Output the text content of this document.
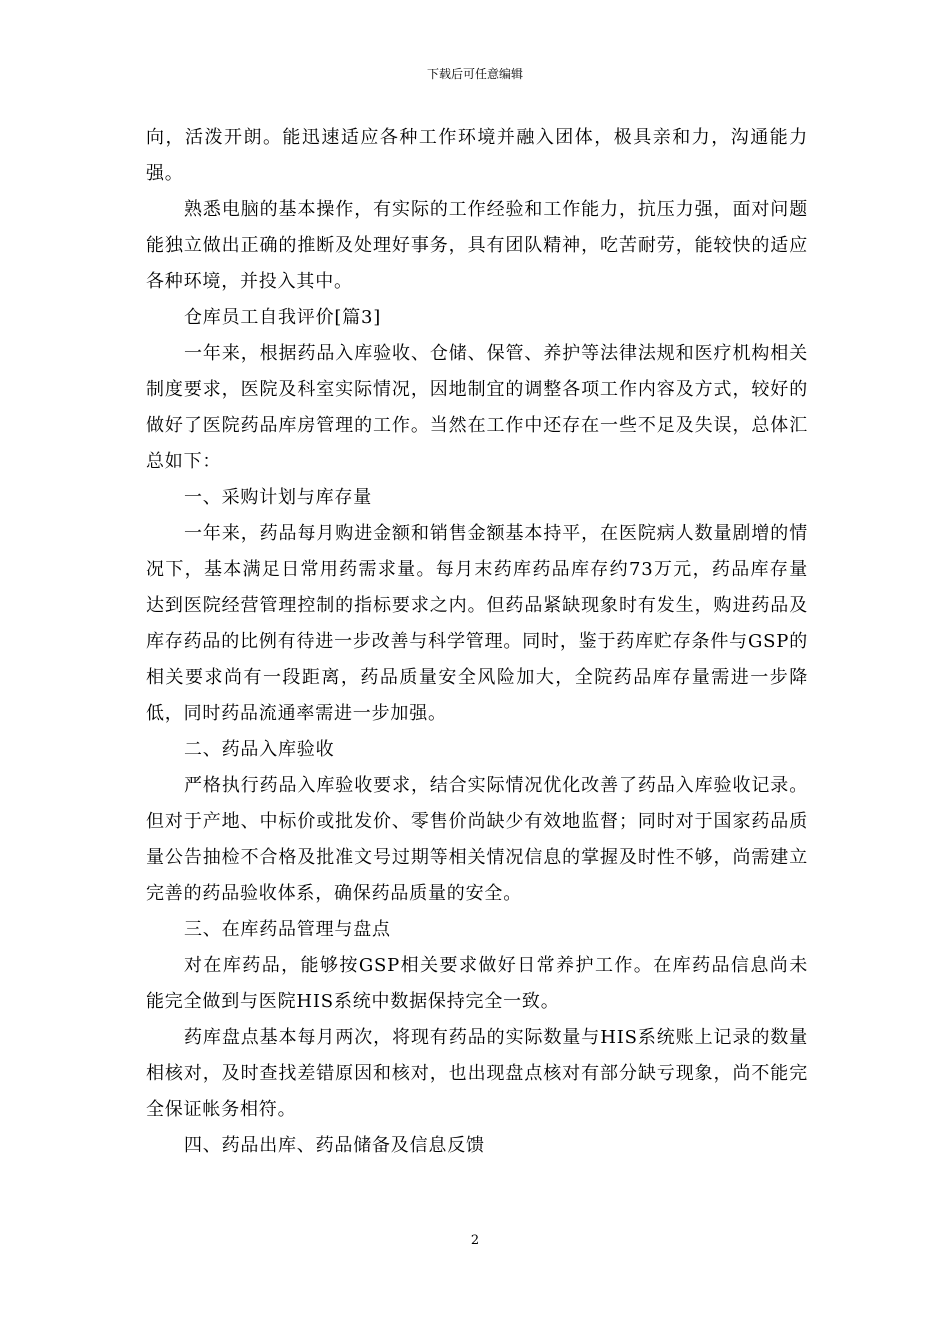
下载后可任意编辑

向，活泼开朗。能迅速适应各种工作环境并融入团体，极具亲和力，沟通能力强。

熟悉电脑的基本操作，有实际的工作经验和工作能力，抗压力强，面对问题能独立做出正确的推断及处理好事务，具有团队精神，吃苦耐劳，能较快的适应各种环境，并投入其中。

仓库员工自我评价[篇3]

一年来，根据药品入库验收、仓储、保管、养护等法律法规和医疗机构相关制度要求，医院及科室实际情况，因地制宜的调整各项工作内容及方式，较好的做好了医院药品库房管理的工作。当然在工作中还存在一些不足及失误，总体汇总如下：

一、采购计划与库存量

一年来，药品每月购进金额和销售金额基本持平，在医院病人数量剧增的情况下，基本满足日常用药需求量。每月末药库药品库存约73万元，药品库存量达到医院经营管理控制的指标要求之内。但药品紧缺现象时有发生，购进药品及库存药品的比例有待进一步改善与科学管理。同时，鉴于药库贮存条件与GSP的相关要求尚有一段距离，药品质量安全风险加大，全院药品库存量需进一步降低，同时药品流通率需进一步加强。

二、药品入库验收

严格执行药品入库验收要求，结合实际情况优化改善了药品入库验收记录。但对于产地、中标价或批发价、零售价尚缺少有效地监督；同时对于国家药品质量公告抽检不合格及批准文号过期等相关情况信息的掌握及时性不够，尚需建立完善的药品验收体系，确保药品质量的安全。

三、在库药品管理与盘点

对在库药品，能够按GSP相关要求做好日常养护工作。在库药品信息尚未能完全做到与医院HIS系统中数据保持完全一致。

药库盘点基本每月两次，将现有药品的实际数量与HIS系统账上记录的数量相核对，及时查找差错原因和核对，也出现盘点核对有部分缺亏现象，尚不能完全保证帐务相符。

四、药品出库、药品储备及信息反馈

2
